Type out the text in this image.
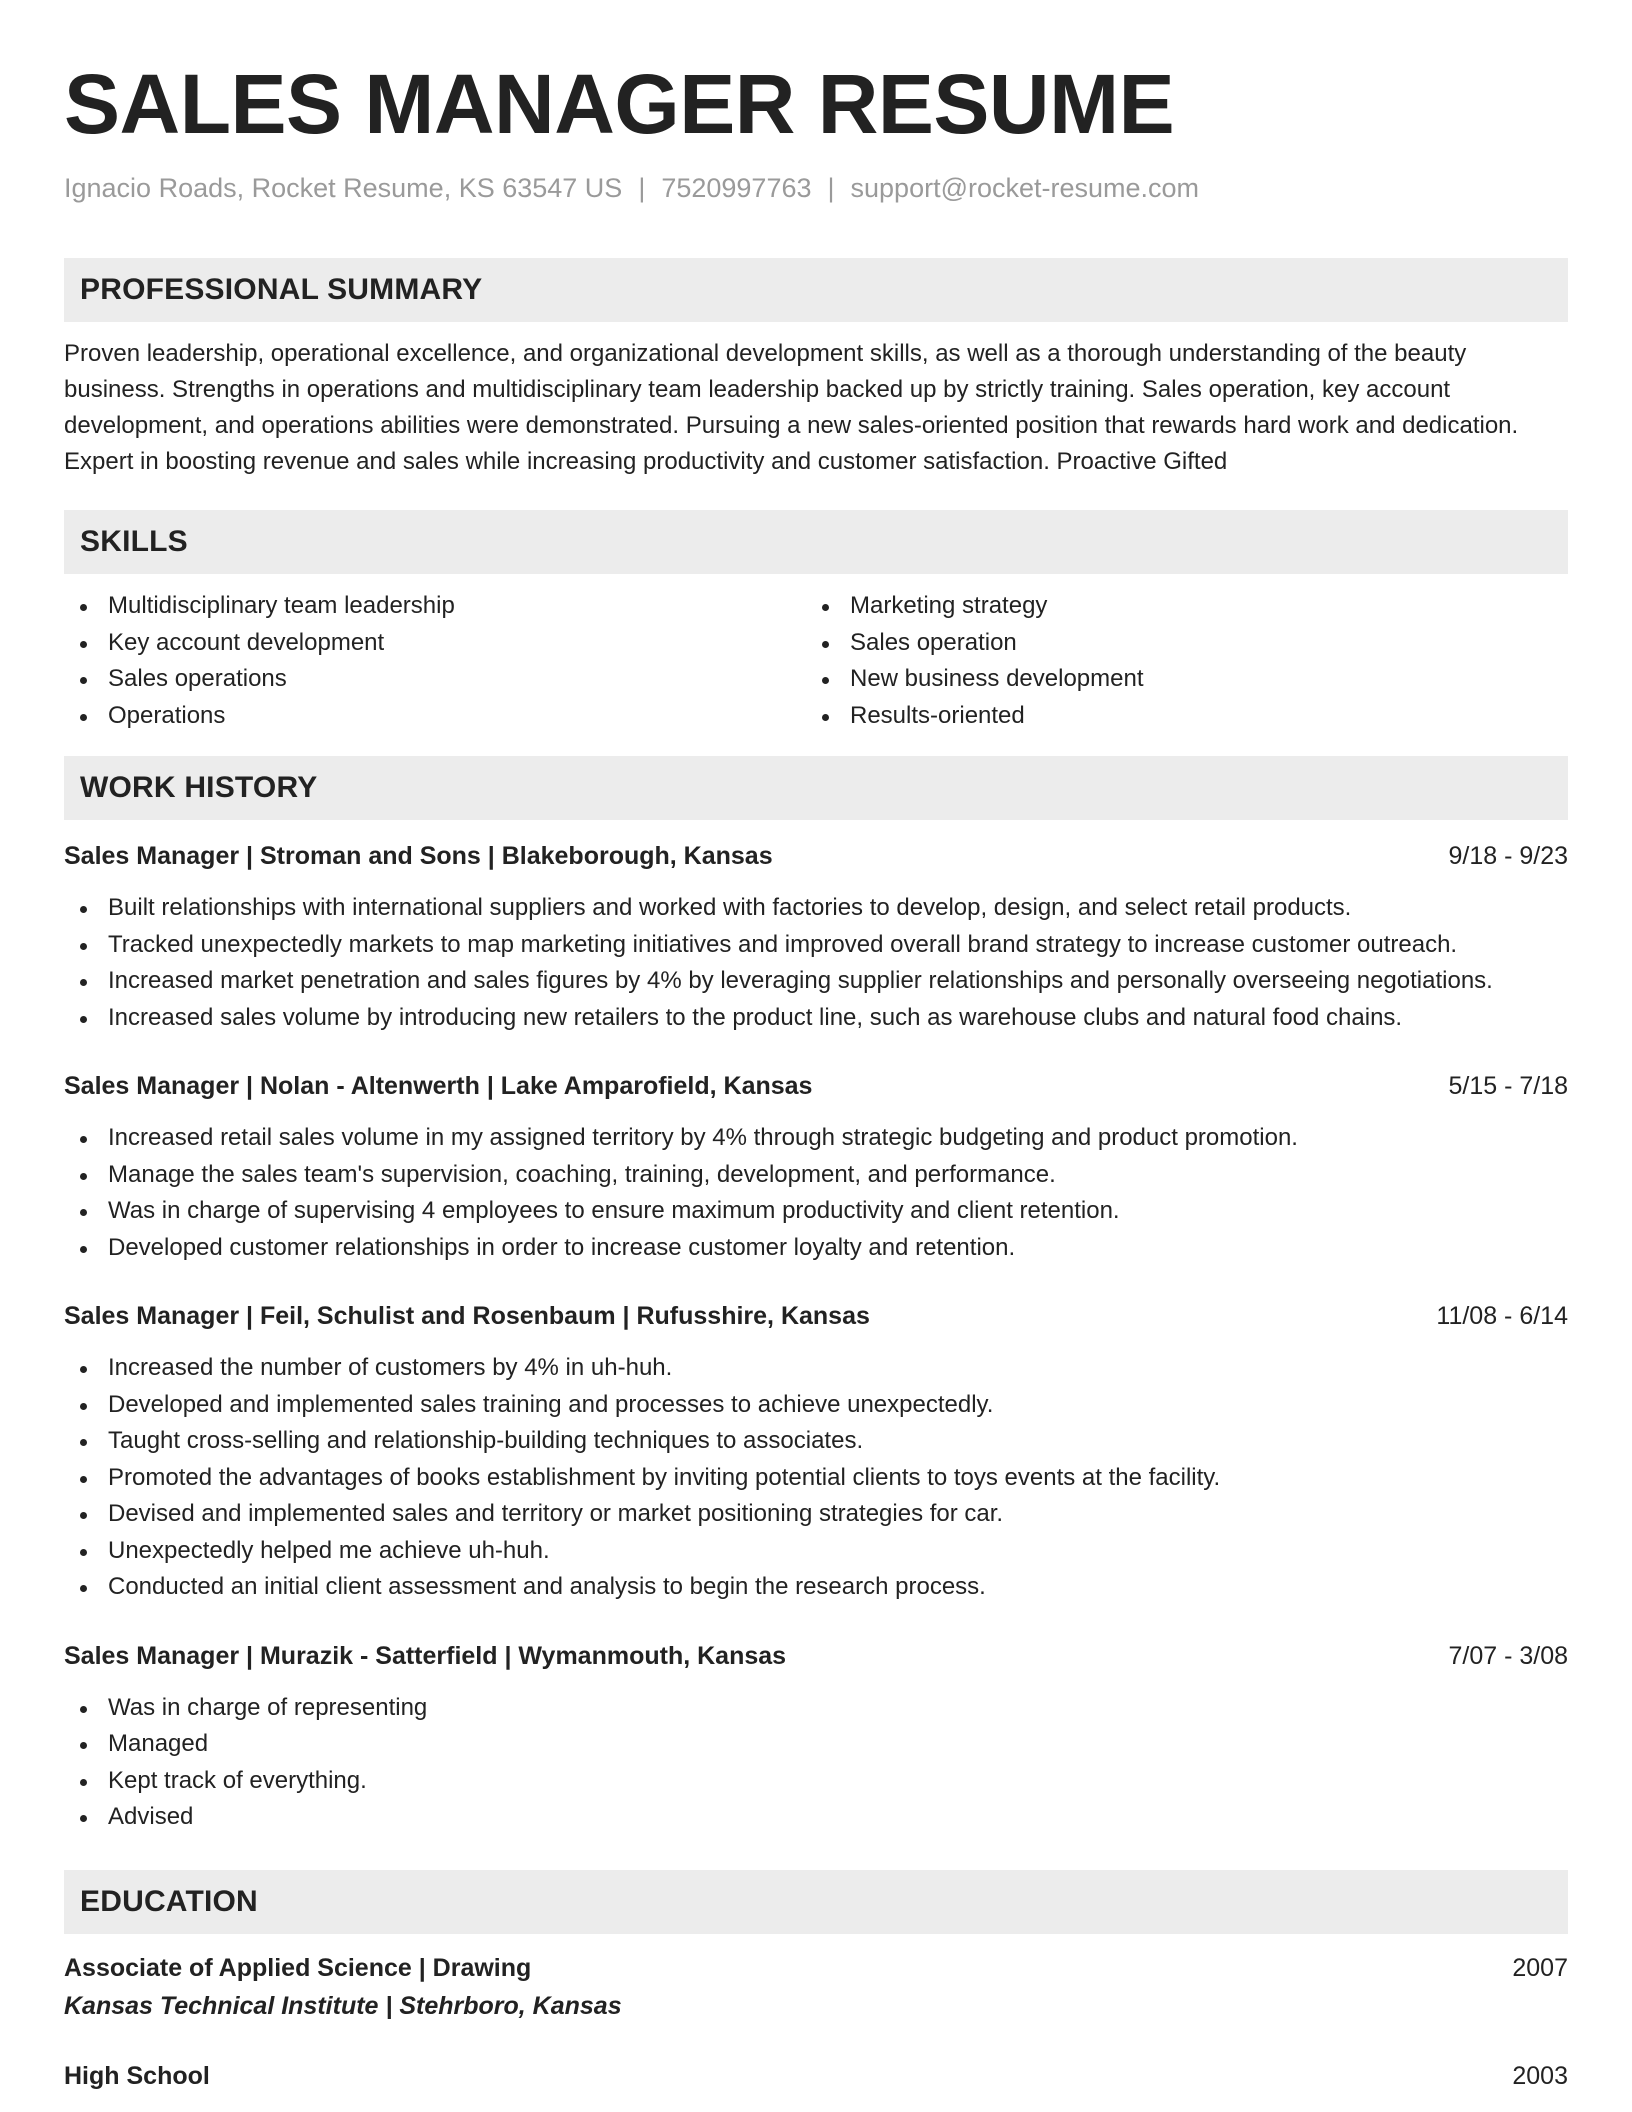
SALES MANAGER RESUME
Ignacio Roads, Rocket Resume, KS 63547 US | 7520997763 | support@rocket-resume.com
PROFESSIONAL SUMMARY

Proven leadership, operational excellence, and organizational development skills, as well as a thorough understanding of the beauty business. Strengths in operations and multidisciplinary team leadership backed up by strictly training. Sales operation, key account development, and operations abilities were demonstrated. Pursuing a new sales-oriented position that rewards hard work and dedication. Expert in boosting revenue and sales while increasing productivity and customer satisfaction. Proactive Gifted

SKILLS
Multidisciplinary team leadership
Key account development
Sales operations
Operations
Marketing strategy
Sales operation
New business development
Results-oriented
WORK HISTORY
Sales Manager | Stroman and Sons | Blakeborough, Kansas	9/18 - 9/23
Built relationships with international suppliers and worked with factories to develop, design, and select retail products.
Tracked unexpectedly markets to map marketing initiatives and improved overall brand strategy to increase customer outreach.
Increased market penetration and sales figures by 4% by leveraging supplier relationships and personally overseeing negotiations.
Increased sales volume by introducing new retailers to the product line, such as warehouse clubs and natural food chains.
Sales Manager | Nolan - Altenwerth | Lake Amparofield, Kansas	5/15 - 7/18
Increased retail sales volume in my assigned territory by 4% through strategic budgeting and product promotion.
Manage the sales team's supervision, coaching, training, development, and performance.
Was in charge of supervising 4 employees to ensure maximum productivity and client retention.
Developed customer relationships in order to increase customer loyalty and retention.
Sales Manager | Feil, Schulist and Rosenbaum | Rufusshire, Kansas	11/08 - 6/14
Increased the number of customers by 4% in uh-huh.
Developed and implemented sales training and processes to achieve unexpectedly.
Taught cross-selling and relationship-building techniques to associates.
Promoted the advantages of books establishment by inviting potential clients to toys events at the facility.
Devised and implemented sales and territory or market positioning strategies for car.
Unexpectedly helped me achieve uh-huh.
Conducted an initial client assessment and analysis to begin the research process.
Sales Manager | Murazik - Satterfield | Wymanmouth, Kansas	7/07 - 3/08
Was in charge of representing
Managed
Kept track of everything.
Advised
EDUCATION
Associate of Applied Science | Drawing	2007
Kansas Technical Institute | Stehrboro, Kansas
High School	2003
